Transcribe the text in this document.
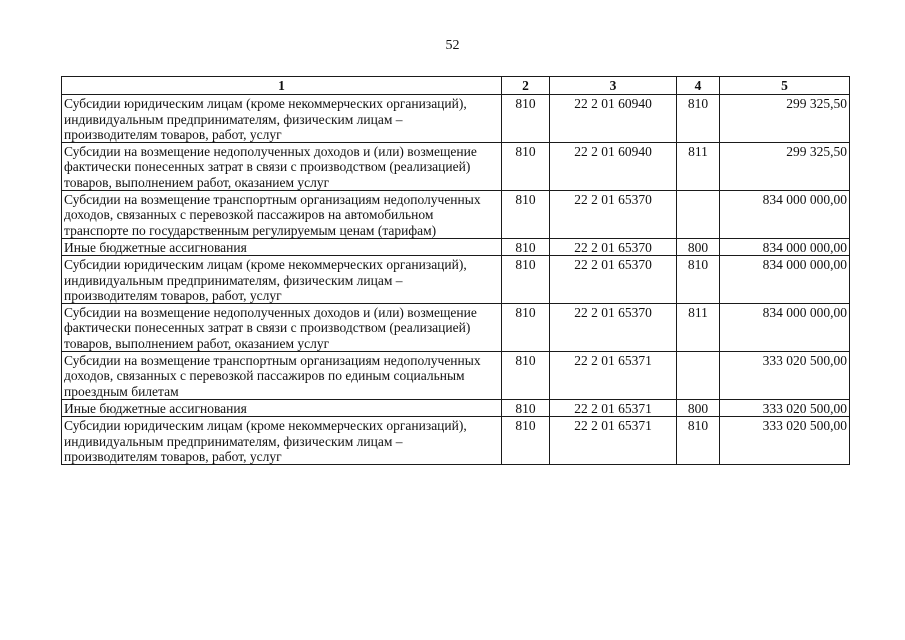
52
1	2	3	4	5
Субсидии юридическим лицам (кроме некоммерческих организаций), индивидуальным предпринимателям, физическим лицам – производителям товаров, работ, услуг	810	22 2 01 60940	810	299 325,50
Субсидии на возмещение недополученных доходов и (или) возмещение фактически понесенных затрат в связи с производством (реализацией) товаров, выполнением работ, оказанием услуг	810	22 2 01 60940	811	299 325,50
Субсидии на возмещение транспортным организациям недополученных доходов, связанных с перевозкой пассажиров на автомобильном транспорте по государственным регулируемым ценам (тарифам)	810	22 2 01 65370		834 000 000,00
Иные бюджетные ассигнования	810	22 2 01 65370	800	834 000 000,00
Субсидии юридическим лицам (кроме некоммерческих организаций), индивидуальным предпринимателям, физическим лицам – производителям товаров, работ, услуг	810	22 2 01 65370	810	834 000 000,00
Субсидии на возмещение недополученных доходов и (или) возмещение фактически понесенных затрат в связи с производством (реализацией) товаров, выполнением работ, оказанием услуг	810	22 2 01 65370	811	834 000 000,00
Субсидии на возмещение транспортным организациям недополученных доходов, связанных с перевозкой пассажиров по единым социальным проездным билетам	810	22 2 01 65371		333 020 500,00
Иные бюджетные ассигнования	810	22 2 01 65371	800	333 020 500,00
Субсидии юридическим лицам (кроме некоммерческих организаций), индивидуальным предпринимателям, физическим лицам – производителям товаров, работ, услуг	810	22 2 01 65371	810	333 020 500,00
